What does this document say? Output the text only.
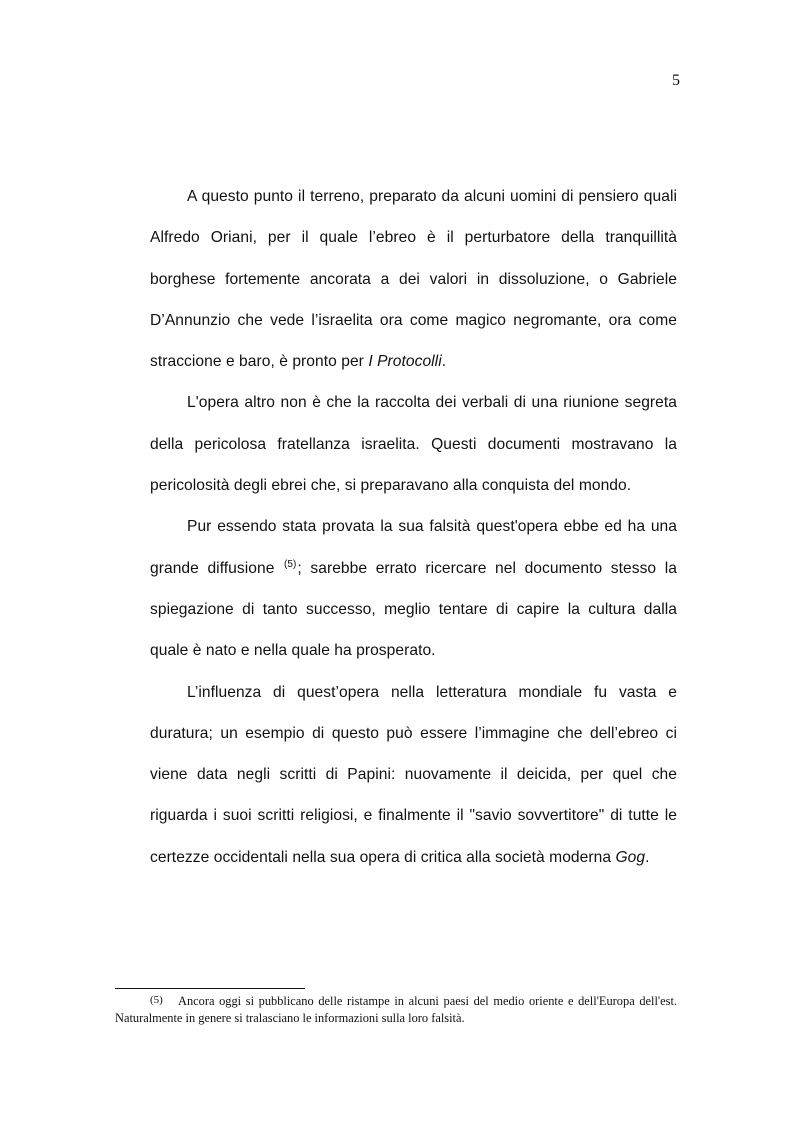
5

A questo punto il terreno, preparato da alcuni uomini di pensiero quali Alfredo Oriani, per il quale l’ebreo è il perturbatore della tranquillità borghese fortemente ancorata a dei valori in dissoluzione, o Gabriele D’Annunzio che vede l’israelita ora come magico negromante, ora come straccione e baro, è pronto per I Protocolli.

L'opera altro non è che la raccolta dei verbali di una riunione segreta della pericolosa fratellanza israelita. Questi documenti mostravano la pericolosità degli ebrei che, si preparavano alla conquista del mondo.

Pur essendo stata provata la sua falsità quest'opera ebbe ed ha una grande diffusione $^{(5)}$; sarebbe errato ricercare nel documento stesso la spiegazione di tanto successo, meglio tentare di capire la cultura dalla quale è nato e nella quale ha prosperato.

L’influenza di quest’opera nella letteratura mondiale fu vasta e duratura; un esempio di questo può essere l’immagine che dell’ebreo ci viene data negli scritti di Papini: nuovamente il deicida, per quel che riguarda i suoi scritti religiosi, e finalmente il "savio sovvertitore" di tutte le certezze occidentali nella sua opera di critica alla società moderna Gog.

(5)	Ancora oggi si pubblicano delle ristampe in alcuni paesi del medio oriente e dell'Europa dell'est. Naturalmente in genere si tralasciano le informazioni sulla loro falsità.
